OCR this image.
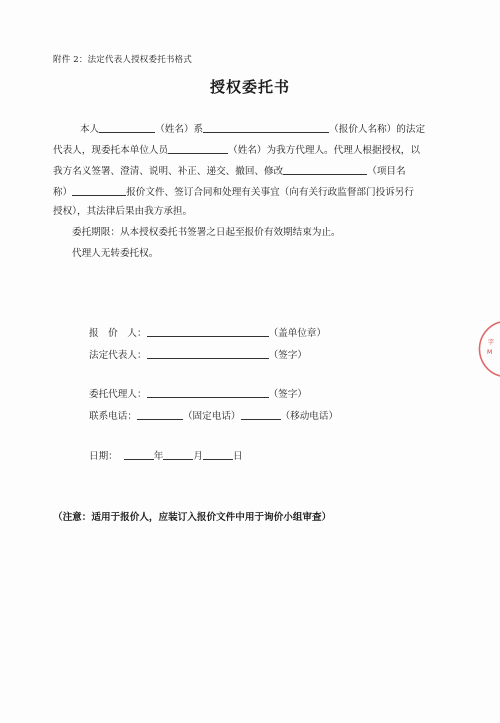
附件 2：法定代表人授权委托书格式
授权委托书
本人	（姓名）系	（报价人名称）的法定
代表人，现委托本单位人员	（姓名）为我方代理人。代理人根据授权，以
我方名义签署、澄清、说明、补正、递交、撤回、修改	（项目名
称）	报价文件、签订合同和处理有关事宜（向有关行政监督部门投诉另行
授权），其法律后果由我方承担。
委托期限：从本授权委托书签署之日起至报价有效期结束为止。
代理人无转委托权。
报　价　人：	（盖单位章）
法定代表人：	（签字）
委托代理人：	（签字）
联系电话：	（固定电话）	（移动电话）
日期：	年	月	日
（注意：适用于报价人，应装订入报价文件中用于询价小组审查）
字
M
